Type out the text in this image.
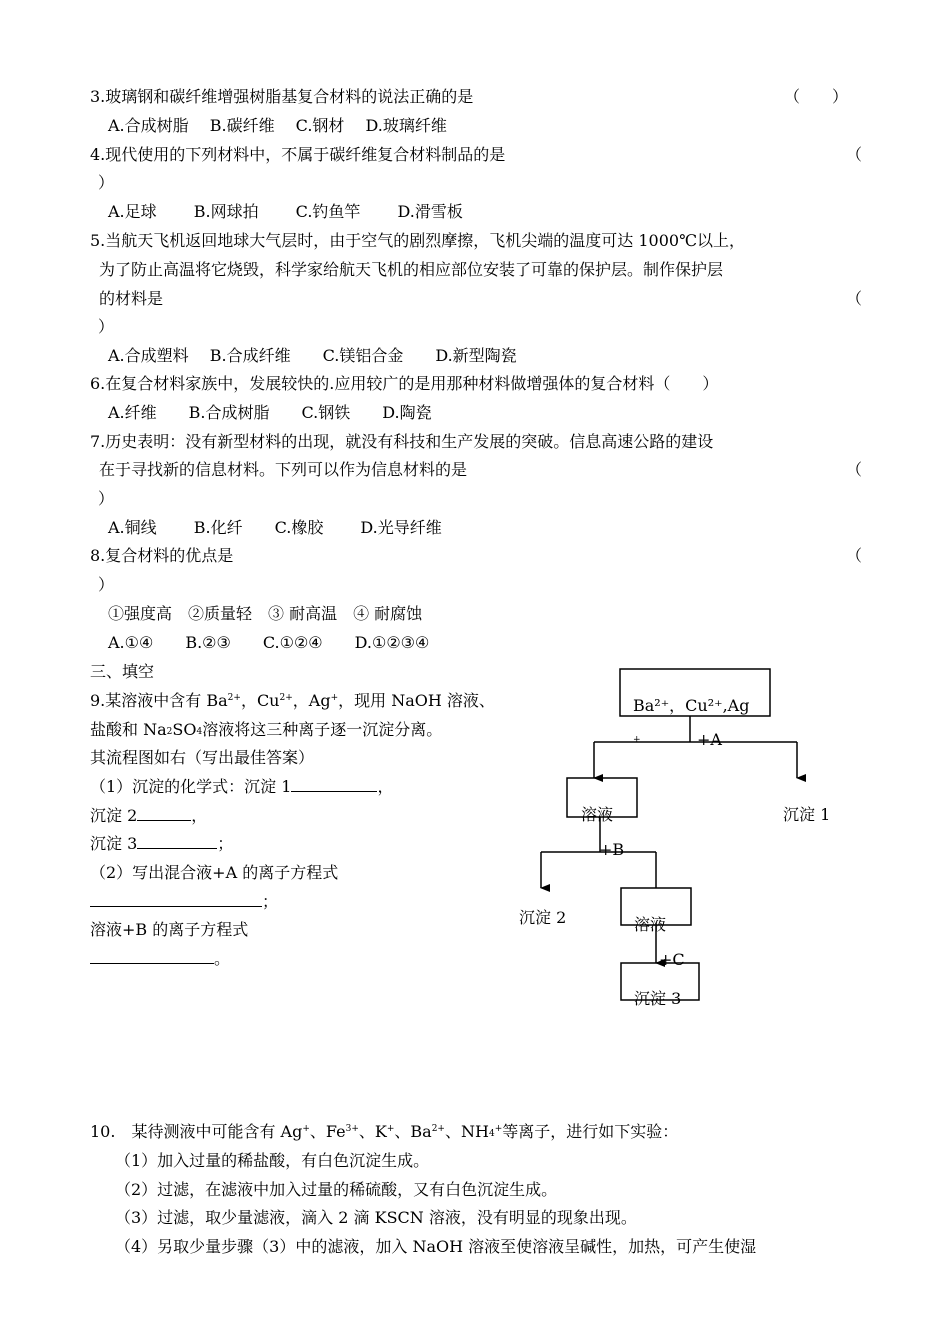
3.玻璃钢和碳纤维增强树脂基复合材料的说法正确的是	（　　）
A.合成树脂　 B.碳纤维　 C.钢材　 D.玻璃纤维
4.现代使用的下列材料中，不属于碳纤维复合材料制品的是	（
）
A.足球　　 B.网球拍　　 C.钓鱼竿　　 D.滑雪板
5.当航天飞机返回地球大气层时，由于空气的剧烈摩擦，飞机尖端的温度可达 1000℃以上，
为了防止高温将它烧毁，科学家给航天飞机的相应部位安装了可靠的保护层。制作保护层
的材料是	（
）
A.合成塑料　 B.合成纤维　　C.镁铝合金　　D.新型陶瓷
6.在复合材料家族中，发展较快的.应用较广的是用那种材料做增强体的复合材料（　　）
A.纤维　　B.合成树脂　　C.钢铁　　D.陶瓷
7.历史表明：没有新型材料的出现，就没有科技和生产发展的突破。信息高速公路的建设
在于寻找新的信息材料。下列可以作为信息材料的是	（
）
A.铜线　　 B.化纤　　C.橡胶　　 D.光导纤维
8.复合材料的优点是	（
）
①强度高　②质量轻　③ 耐高温　④ 耐腐蚀
A.①④　　B.②③　　C.①②④　　D.①②③④
三、填空
9.某溶液中含有 $Ba^{2+}$，$Cu^{2+}$，Ag+，现用 NaOH 溶液、
盐酸和 $Na_2SO_4$溶液将这三种离子逐一沉淀分离。
其流程图如右（写出最佳答案）
（1）沉淀的化学式：沉淀 1	，
沉淀 2	，
沉淀 3	；
（2）写出混合液+A 的离子方程式
；
溶液+B 的离子方程式
。
Ba²⁺，Cu²⁺,Ag
+	+A
溶液	沉淀 1
+B
沉淀 2	溶液
+C
沉淀 3
10.　某待测液中可能含有 Ag+、$Fe^{3+}$、K+、$Ba^{2+}$、$NH_4^+$等离子，进行如下实验：
（1）加入过量的稀盐酸，有白色沉淀生成。
（2）过滤，在滤液中加入过量的稀硫酸，又有白色沉淀生成。
（3）过滤，取少量滤液，滴入 2 滴 KSCN 溶液，没有明显的现象出现。
（4）另取少量步骤（3）中的滤液，加入 NaOH 溶液至使溶液呈碱性，加热，可产生使湿
